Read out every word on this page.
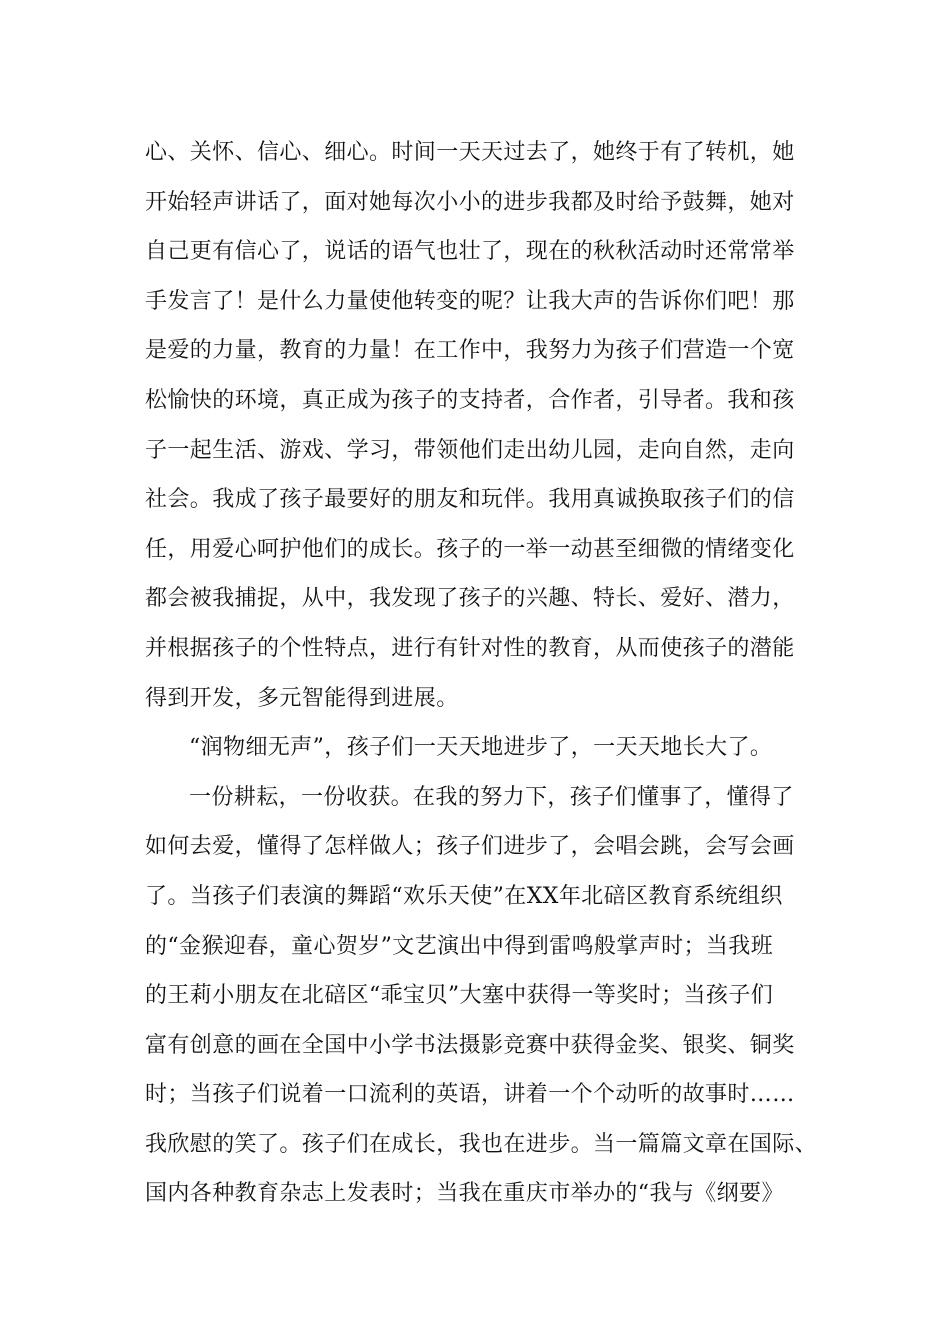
心、关怀、信心、细心。时间一天天过去了，她终于有了转机，她
开始轻声讲话了，面对她每次小小的进步我都及时给予鼓舞，她对
自己更有信心了，说话的语气也壮了，现在的秋秋活动时还常常举
手发言了！是什么力量使他转变的呢？让我大声的告诉你们吧！那
是爱的力量，教育的力量！在工作中，我努力为孩子们营造一个宽
松愉快的环境，真正成为孩子的支持者，合作者，引导者。我和孩
子一起生活、游戏、学习，带领他们走出幼儿园，走向自然，走向
社会。我成了孩子最要好的朋友和玩伴。我用真诚换取孩子们的信
任，用爱心呵护他们的成长。孩子的一举一动甚至细微的情绪变化
都会被我捕捉，从中，我发现了孩子的兴趣、特长、爱好、潜力，
并根据孩子的个性特点，进行有针对性的教育，从而使孩子的潜能
得到开发，多元智能得到进展。
“润物细无声”，孩子们一天天地进步了，一天天地长大了。
一份耕耘，一份收获。在我的努力下，孩子们懂事了，懂得了
如何去爱，懂得了怎样做人；孩子们进步了，会唱会跳，会写会画
了。当孩子们表演的舞蹈“欢乐天使”在XX年北碚区教育系统组织
的“金猴迎春，童心贺岁”文艺演出中得到雷鸣般掌声时；当我班
的王莉小朋友在北碚区“乖宝贝”大塞中获得一等奖时；当孩子们
富有创意的画在全国中小学书法摄影竞赛中获得金奖、银奖、铜奖
时；当孩子们说着一口流利的英语，讲着一个个动听的故事时……
我欣慰的笑了。孩子们在成长，我也在进步。当一篇篇文章在国际、
国内各种教育杂志上发表时；当我在重庆市举办的“我与《纲要》
